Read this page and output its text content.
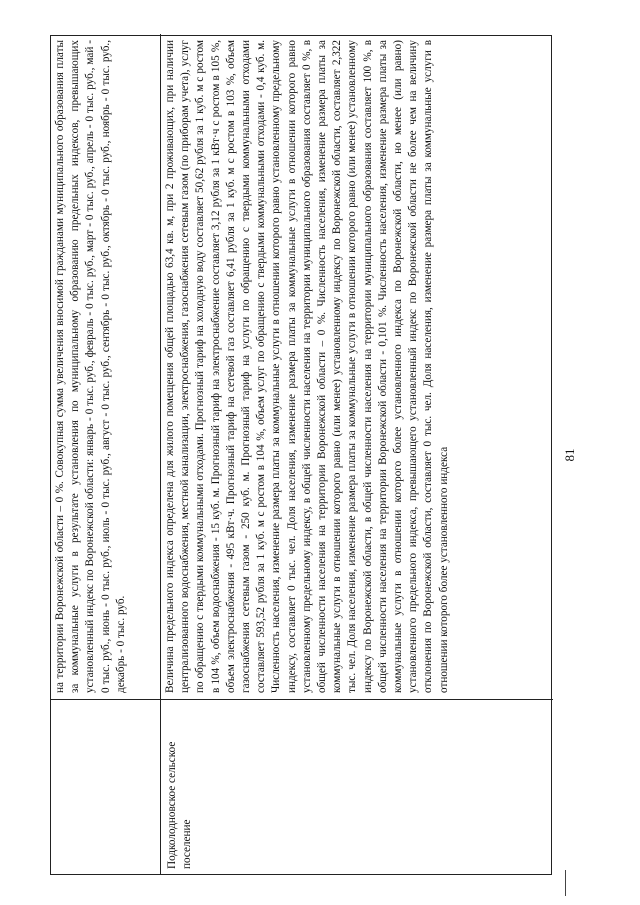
на территории Воронежской области – 0 %. Совокупная сумма увеличения вносимой гражданами муниципального образования платы за коммунальные услуги в результате установления по муниципальному образованию предельных индексов, превышающих установленный индекс по Воронежской области: январь - 0 тыс. руб., февраль - 0 тыс. руб., март - 0 тыс. руб., апрель - 0 тыс. руб., май - 0 тыс. руб., июнь - 0 тыс. руб., июль - 0 тыс. руб., август - 0 тыс. руб., сентябрь - 0 тыс. руб., октябрь - 0 тыс. руб., ноябрь - 0 тыс. руб., декабрь - 0 тыс. руб.
Подколодновское сельское поселение
Величина предельного индекса определена для жилого помещения общей площадью 63,4 кв. м, при 2 проживающих, при наличии централизованного водоснабжения, местной канализации, электроснабжения, газоснабжения сетевым газом (по приборам учета), услуг по обращению с твердыми коммунальными отходами. Прогнозный тариф на холодную воду составляет 50,62 рубля за 1 куб. м с ростом в 104 %, объем водоснабжения - 15 куб. м. Прогнозный тариф на электроснабжение составляет 3,12 рубля за 1 кВт·ч с ростом в 105 %, объем электроснабжения - 495 кВт·ч. Прогнозный тариф на сетевой газ составляет 6,41 рубля за 1 куб. м с ростом в 103 %, объем газоснабжения сетевым газом - 250 куб. м. Прогнозный тариф на услуги по обращению с твердыми коммунальными отходами составляет 593,52 рубля за 1 куб. м с ростом в 104 %, объем услуг по обращению с твердыми коммунальными отходами - 0,4 куб. м. Численность населения, изменение размера платы за коммунальные услуги в отношении которого равно установленному предельному индексу, составляет 0 тыс. чел. Доля населения, изменение размера платы за коммунальные услуги в отношении которого равно установленному предельному индексу, в общей численности населения на территории муниципального образования составляет 0 %, в общей численности населения на территории Воронежской области – 0 %. Численность населения, изменение размера платы за коммунальные услуги в отношении которого равно (или менее) установленному индексу по Воронежской области, составляет 2,322 тыс. чел. Доля населения, изменение размера платы за коммунальные услуги в отношении которого равно (или менее) установленному индексу по Воронежской области, в общей численности населения на территории муниципального образования составляет 100 %, в общей численности населения на территории Воронежской области - 0,101 %. Численность населения, изменение размера платы за коммунальные услуги в отношении которого более установленного индекса по Воронежской области, но менее (или равно) установленного предельного индекса, превышающего установленный индекс по Воронежской области не более чем на величину отклонения по Воронежской области, составляет 0 тыс. чел. Доля населения, изменение размера платы за коммунальные услуги в отношении которого более установленного индекса	81
